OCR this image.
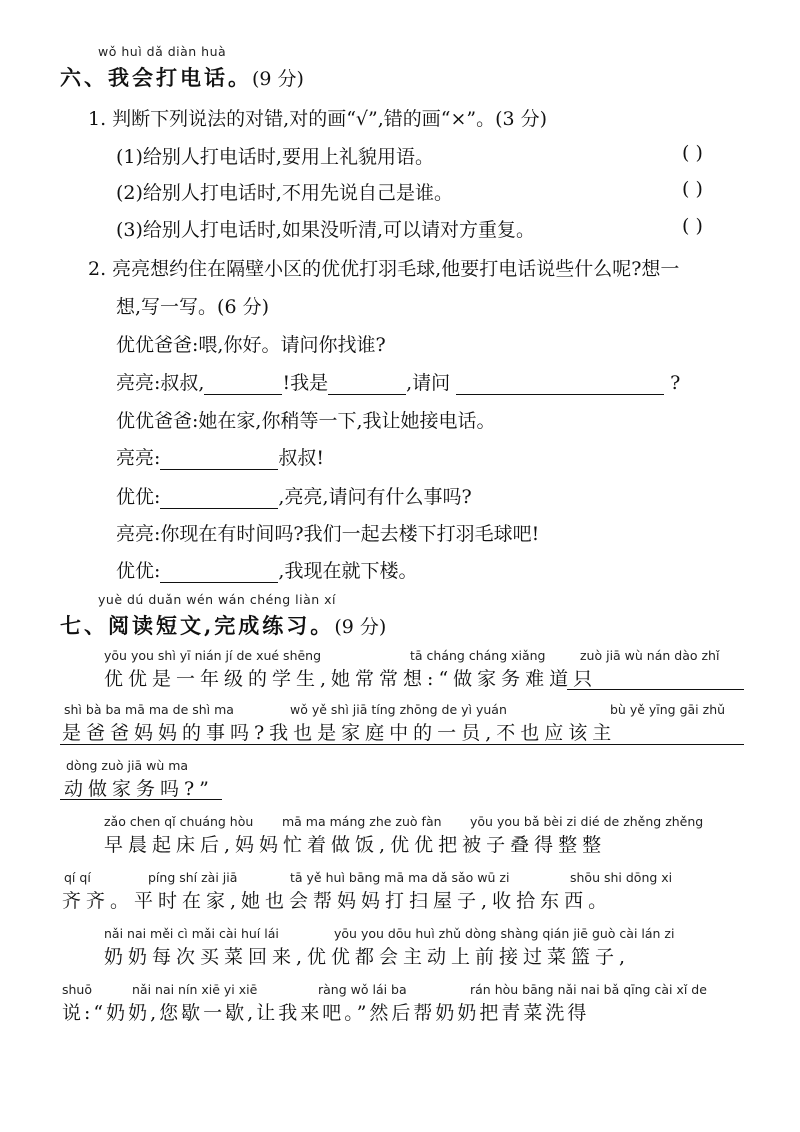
wǒ huì dǎ diàn huà
六、我会打电话。(9 分)
1. 判断下列说法的对错,对的画“√”,错的画“×”。(3 分)
(1)给别人打电话时,要用上礼貌用语。	( )
(2)给别人打电话时,不用先说自己是谁。	( )
(3)给别人打电话时,如果没听清,可以请对方重复。	( )
2. 亮亮想约住在隔壁小区的优优打羽毛球,他要打电话说些什么呢?想一
想,写一写。(6 分)
优优爸爸:喂,你好。请问你找谁?
亮亮:叔叔,	!我是	,请问	?
优优爸爸:她在家,你稍等一下,我让她接电话。
亮亮:	叔叔!
优优:	,亮亮,请问有什么事吗?
亮亮:你现在有时间吗?我们一起去楼下打羽毛球吧!
优优:	,我现在就下楼。
yuè dú duǎn wén wán chéng liàn xí
七、阅读短文,完成练习。(9 分)
yōu you shì yī nián jí de xué shēng	tā cháng cháng xiǎng	zuò jiā wù nán dào zhǐ
优优是一年级的学生,她常常想:“做家务难道只
shì bà ba mā ma de shì ma	wǒ yě shì jiā tíng zhōng de yì yuán	bù yě yīng gāi zhǔ
是爸爸妈妈的事吗?我也是家庭中的一员,不也应该主
dòng zuò jiā wù ma
动做家务吗?”
zǎo chen qǐ chuáng hòu mā ma máng zhe zuò fàn yōu you bǎ bèi zi dié de zhěng zhěng
早晨起床后,妈妈忙着做饭,优优把被子叠得整整
qí qí	píng shí zài jiā	tā yě huì bāng mā ma dǎ sǎo wū zi	shōu shi dōng xi
齐齐。平时在家,她也会帮妈妈打扫屋子,收拾东西。
nǎi nai měi cì mǎi cài huí lái	yōu you dōu huì zhǔ dòng shàng qián jiē guò cài lán zi
奶奶每次买菜回来,优优都会主动上前接过菜篮子,
shuō	nǎi nai nín xiē yi xiē	ràng wǒ lái ba	rán hòu bāng nǎi nai bǎ qīng cài xǐ de
说:“奶奶,您歇一歇,让我来吧。”然后帮奶奶把青菜洗得
